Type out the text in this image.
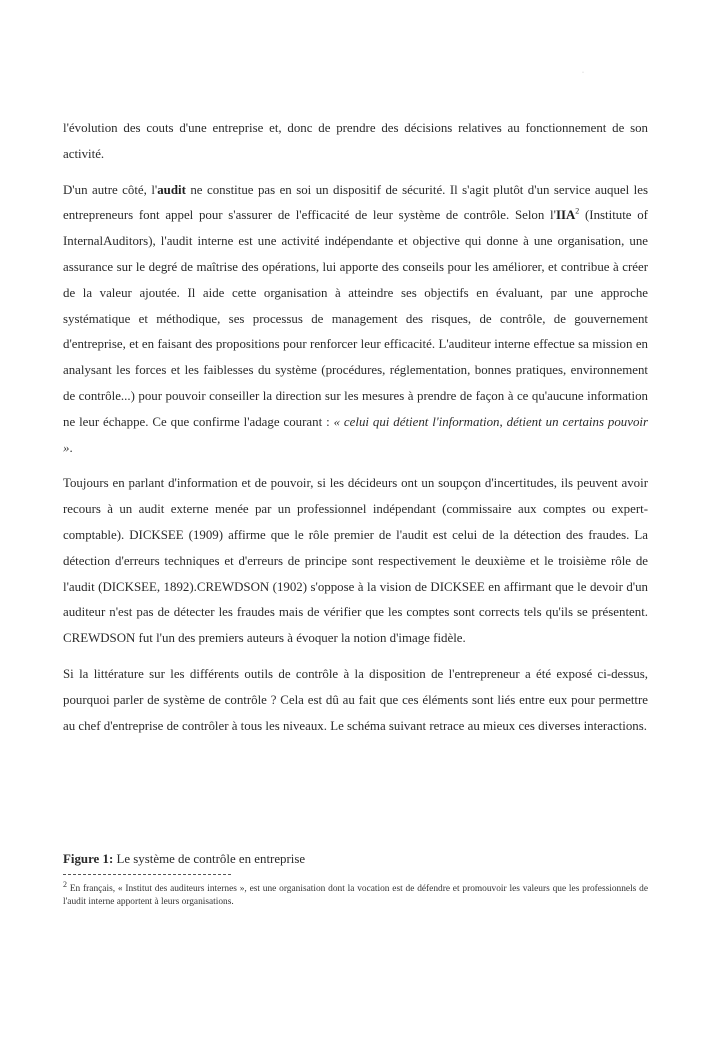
·

l'évolution des couts d'une entreprise et, donc de prendre des décisions relatives au fonctionnement de son activité.

D'un autre côté, l'audit ne constitue pas en soi un dispositif de sécurité. Il s'agit plutôt d'un service auquel les entrepreneurs font appel pour s'assurer de l'efficacité de leur système de contrôle. Selon l'IIA$^2$ (Institute of InternalAuditors), l'audit interne est une activité indépendante et objective qui donne à une organisation, une assurance sur le degré de maîtrise des opérations, lui apporte des conseils pour les améliorer, et contribue à créer de la valeur ajoutée. Il aide cette organisation à atteindre ses objectifs en évaluant, par une approche systématique et méthodique, ses processus de management des risques, de contrôle, de gouvernement d'entreprise, et en faisant des propositions pour renforcer leur efficacité. L'auditeur interne effectue sa mission en analysant les forces et les faiblesses du système (procédures, réglementation, bonnes pratiques, environnement de contrôle...) pour pouvoir conseiller la direction sur les mesures à prendre de façon à ce qu'aucune information ne leur échappe. Ce que confirme l'adage courant : « celui qui détient l'information, détient un certains pouvoir ».

Toujours en parlant d'information et de pouvoir, si les décideurs ont un soupçon d'incertitudes, ils peuvent avoir recours à un audit externe menée par un professionnel indépendant (commissaire aux comptes ou expert-comptable). DICKSEE (1909) affirme que le rôle premier de l'audit est celui de la détection des fraudes. La détection d'erreurs techniques et d'erreurs de principe sont respectivement le deuxième et le troisième rôle de l'audit (DICKSEE, 1892).CREWDSON (1902) s'oppose à la vision de DICKSEE en affirmant que le devoir d'un auditeur n'est pas de détecter les fraudes mais de vérifier que les comptes sont corrects tels qu'ils se présentent. CREWDSON fut l'un des premiers auteurs à évoquer la notion d'image fidèle.

Si la littérature sur les différents outils de contrôle à la disposition de l'entrepreneur a été exposé ci-dessus, pourquoi parler de système de contrôle ? Cela est dû au fait que ces éléments sont liés entre eux pour permettre au chef d'entreprise de contrôler à tous les niveaux. Le schéma suivant retrace au mieux ces diverses interactions.

Figure 1: Le système de contrôle en entreprise
$^2$ En français, « Institut des auditeurs internes », est une organisation dont la vocation est de défendre et promouvoir les valeurs que les professionnels de l'audit interne apportent à leurs organisations.
